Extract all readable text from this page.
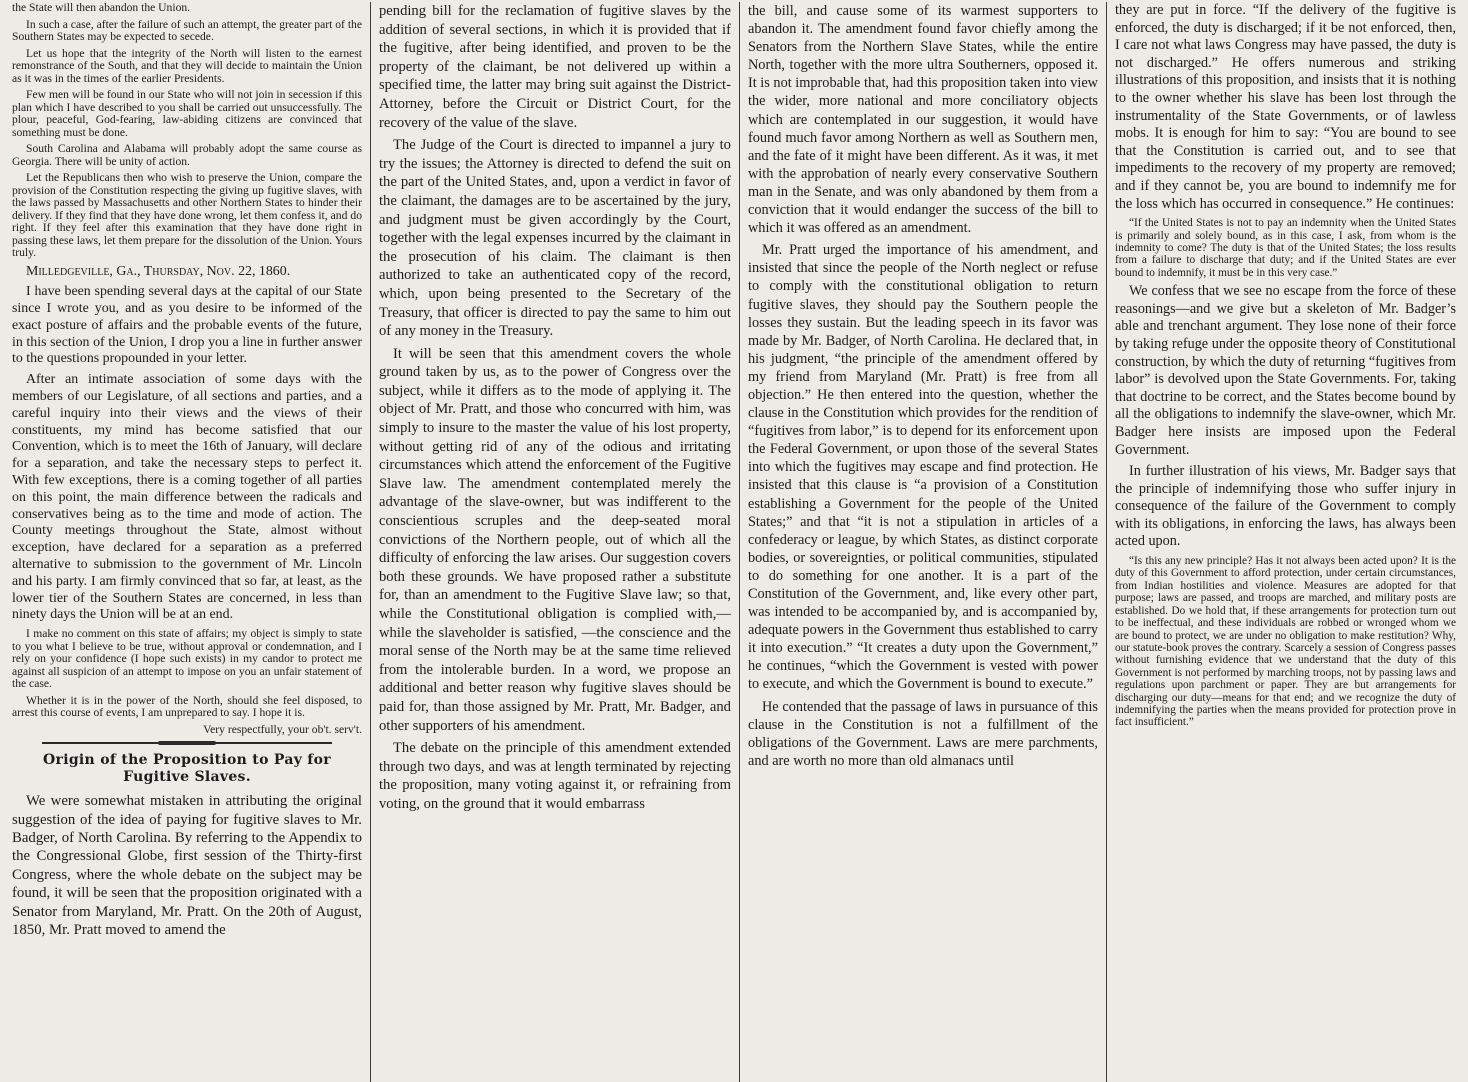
the State will then abandon the Union.

In such a case, after the failure of such an attempt, the greater part of the Southern States may be expected to secede.

Let us hope that the integrity of the North will listen to the earnest remonstrance of the South, and that they will decide to maintain the Union as it was in the times of the earlier Presidents.

Few men will be found in our State who will not join in secession if this plan which I have described to you shall be carried out unsuccessfully. The plour, peaceful, God-fearing, law-abiding citizens are convinced that something must be done.

South Carolina and Alabama will probably adopt the same course as Georgia. There will be unity of action.

Let the Republicans then who wish to preserve the Union, compare the provision of the Constitution respecting the giving up fugitive slaves, with the laws passed by Massachusetts and other Northern States to hinder their delivery. If they find that they have done wrong, let them confess it, and do right. If they feel after this examination that they have done right in passing these laws, let them prepare for the dissolution of the Union. Yours truly.

Milledgeville, Ga., Thursday, Nov. 22, 1860.

I have been spending several days at the capital of our State since I wrote you, and as you desire to be informed of the exact posture of affairs and the probable events of the future, in this section of the Union, I drop you a line in further answer to the questions propounded in your letter.

After an intimate association of some days with the members of our Legislature, of all sections and parties, and a careful inquiry into their views and the views of their constituents, my mind has become satisfied that our Convention, which is to meet the 16th of January, will declare for a separation, and take the necessary steps to perfect it. With few exceptions, there is a coming together of all parties on this point, the main difference between the radicals and conservatives being as to the time and mode of action. The County meetings throughout the State, almost without exception, have declared for a separation as a preferred alternative to submission to the government of Mr. Lincoln and his party. I am firmly convinced that so far, at least, as the lower tier of the Southern States are concerned, in less than ninety days the Union will be at an end.

I make no comment on this state of affairs; my object is simply to state to you what I believe to be true, without approval or condemnation, and I rely on your confidence (I hope such exists) in my candor to protect me against all suspicion of an attempt to impose on you an unfair statement of the case.

Whether it is in the power of the North, should she feel disposed, to arrest this course of events, I am unprepared to say. I hope it is.

Very respectfully, your ob't. serv't.

Origin of the Proposition to Pay for Fugitive Slaves.

We were somewhat mistaken in attributing the original suggestion of the idea of paying for fugitive slaves to Mr. Badger, of North Carolina. By referring to the Appendix to the Congressional Globe, first session of the Thirty-first Congress, where the whole debate on the subject may be found, it will be seen that the proposition originated with a Senator from Maryland, Mr. Pratt. On the 20th of August, 1850, Mr. Pratt moved to amend the

pending bill for the reclamation of fugitive slaves by the addition of several sections, in which it is provided that if the fugitive, after being identified, and proven to be the property of the claimant, be not delivered up within a specified time, the latter may bring suit against the District-Attorney, before the Circuit or District Court, for the recovery of the value of the slave.

The Judge of the Court is directed to impannel a jury to try the issues; the Attorney is directed to defend the suit on the part of the United States, and, upon a verdict in favor of the claimant, the damages are to be ascertained by the jury, and judgment must be given accordingly by the Court, together with the legal expenses incurred by the claimant in the prosecution of his claim. The claimant is then authorized to take an authenticated copy of the record, which, upon being presented to the Secretary of the Treasury, that officer is directed to pay the same to him out of any money in the Treasury.

It will be seen that this amendment covers the whole ground taken by us, as to the power of Congress over the subject, while it differs as to the mode of applying it. The object of Mr. Pratt, and those who concurred with him, was simply to insure to the master the value of his lost property, without getting rid of any of the odious and irritating circumstances which attend the enforcement of the Fugitive Slave law. The amendment contemplated merely the advantage of the slave-owner, but was indifferent to the conscientious scruples and the deep-seated moral convictions of the Northern people, out of which all the difficulty of enforcing the law arises. Our suggestion covers both these grounds. We have proposed rather a substitute for, than an amendment to the Fugitive Slave law; so that, while the Constitutional obligation is complied with,—while the slaveholder is satisfied, —the conscience and the moral sense of the North may be at the same time relieved from the intolerable burden. In a word, we propose an additional and better reason why fugitive slaves should be paid for, than those assigned by Mr. Pratt, Mr. Badger, and other supporters of his amendment.

The debate on the principle of this amendment extended through two days, and was at length terminated by rejecting the proposition, many voting against it, or refraining from voting, on the ground that it would embarrass

the bill, and cause some of its warmest supporters to abandon it. The amendment found favor chiefly among the Senators from the Northern Slave States, while the entire North, together with the more ultra Southerners, opposed it. It is not improbable that, had this proposition taken into view the wider, more national and more conciliatory objects which are contemplated in our suggestion, it would have found much favor among Northern as well as Southern men, and the fate of it might have been different. As it was, it met with the approbation of nearly every conservative Southern man in the Senate, and was only abandoned by them from a conviction that it would endanger the success of the bill to which it was offered as an amendment.

Mr. Pratt urged the importance of his amendment, and insisted that since the people of the North neglect or refuse to comply with the constitutional obligation to return fugitive slaves, they should pay the Southern people the losses they sustain. But the leading speech in its favor was made by Mr. Badger, of North Carolina. He declared that, in his judgment, “the principle of the amendment offered by my friend from Maryland (Mr. Pratt) is free from all objection.” He then entered into the question, whether the clause in the Constitution which provides for the rendition of “fugitives from labor,” is to depend for its enforcement upon the Federal Government, or upon those of the several States into which the fugitives may escape and find protection. He insisted that this clause is “a provision of a Constitution establishing a Government for the people of the United States;” and that “it is not a stipulation in articles of a confederacy or league, by which States, as distinct corporate bodies, or sovereignties, or political communities, stipulated to do something for one another. It is a part of the Constitution of the Government, and, like every other part, was intended to be accompanied by, and is accompanied by, adequate powers in the Government thus established to carry it into execution.” “It creates a duty upon the Government,” he continues, “which the Government is vested with power to execute, and which the Government is bound to execute.”

He contended that the passage of laws in pursuance of this clause in the Constitution is not a fulfillment of the obligations of the Government. Laws are mere parchments, and are worth no more than old almanacs until

they are put in force. “If the delivery of the fugitive is enforced, the duty is discharged; if it be not enforced, then, I care not what laws Congress may have passed, the duty is not discharged.” He offers numerous and striking illustrations of this proposition, and insists that it is nothing to the owner whether his slave has been lost through the instrumentality of the State Governments, or of lawless mobs. It is enough for him to say: “You are bound to see that the Constitution is carried out, and to see that impediments to the recovery of my property are removed; and if they cannot be, you are bound to indemnify me for the loss which has occurred in consequence.” He continues:

“If the United States is not to pay an indemnity when the United States is primarily and solely bound, as in this case, I ask, from whom is the indemnity to come? The duty is that of the United States; the loss results from a failure to discharge that duty; and if the United States are ever bound to indemnify, it must be in this very case.”

We confess that we see no escape from the force of these reasonings—and we give but a skeleton of Mr. Badger’s able and trenchant argument. They lose none of their force by taking refuge under the opposite theory of Constitutional construction, by which the duty of returning “fugitives from labor” is devolved upon the State Governments. For, taking that doctrine to be correct, and the States become bound by all the obligations to indemnify the slave-owner, which Mr. Badger here insists are imposed upon the Federal Government.

In further illustration of his views, Mr. Badger says that the principle of indemnifying those who suffer injury in consequence of the failure of the Government to comply with its obligations, in enforcing the laws, has always been acted upon.

“Is this any new principle? Has it not always been acted upon? It is the duty of this Government to afford protection, under certain circumstances, from Indian hostilities and violence. Measures are adopted for that purpose; laws are passed, and troops are marched, and military posts are established. Do we hold that, if these arrangements for protection turn out to be ineffectual, and these individuals are robbed or wronged whom we are bound to protect, we are under no obligation to make restitution? Why, our statute-book proves the contrary. Scarcely a session of Congress passes without furnishing evidence that we understand that the duty of this Government is not performed by marching troops, not by passing laws and regulations upon parchment or paper. They are but arrangements for discharging our duty—means for that end; and we recognize the duty of indemnifying the parties when the means provided for protection prove in fact insufficient.”
